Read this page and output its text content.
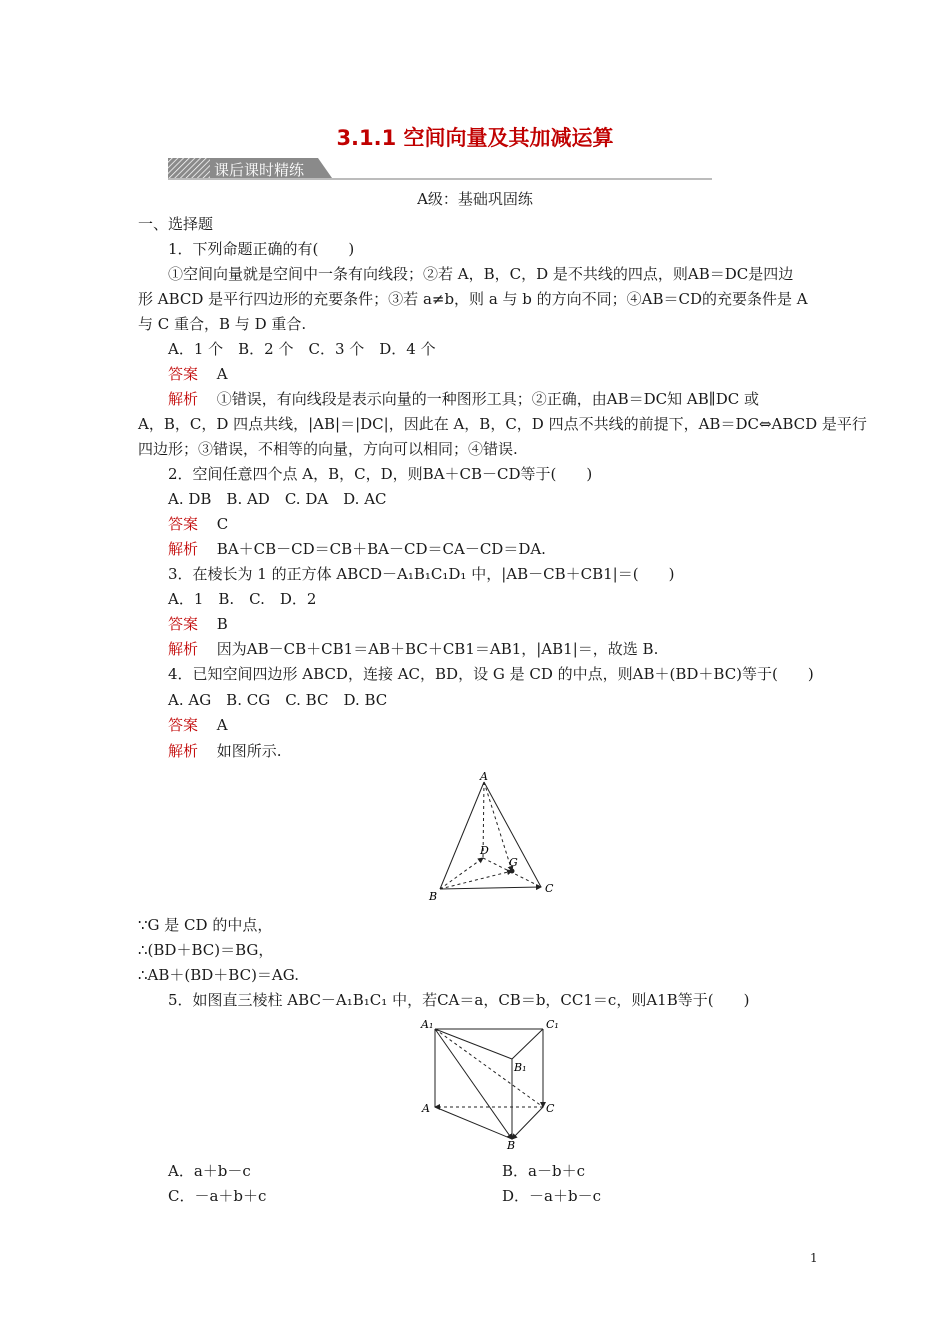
3.1.1 空间向量及其加减运算
课后课时精练
A级：基础巩固练
一、选择题
1．下列命题正确的有(　　)
①空间向量就是空间中一条有向线段；②若 A，B，C，D 是不共线的四点，则AB＝DC是四边
形 ABCD 是平行四边形的充要条件；③若 a≠b，则 a 与 b 的方向不同；④AB＝CD的充要条件是 A
与 C 重合，B 与 D 重合.
A．1 个　B．2 个　C．3 个　D．4 个
答案 A
解析 ①错误，有向线段是表示向量的一种图形工具；②正确，由AB＝DC知 AB∥DC 或
A，B，C，D 四点共线，|AB|＝|DC|，因此在 A，B，C，D 四点不共线的前提下，AB＝DC⇔ABCD 是平行
四边形；③错误，不相等的向量，方向可以相同；④错误.
2．空间任意四个点 A，B，C，D，则BA＋CB－CD等于(　　)
A. DB　B. AD　C. DA　D. AC
答案 C
解析 BA＋CB－CD＝CB＋BA－CD＝CA－CD＝DA.
3．在棱长为 1 的正方体 ABCD－A₁B₁C₁D₁ 中，|AB－CB＋CB1|＝(　　)
A．1　B.　C.　D．2
答案 B
解析 因为AB－CB＋CB1＝AB＋BC＋CB1＝AB1，|AB1|＝，故选 B.
4．已知空间四边形 ABCD，连接 AC，BD，设 G 是 CD 的中点，则AB＋(BD＋BC)等于(　　)
A. AG　B. CG　C. BC　D. BC
答案 A
解析 如图所示.
A
B
C
D
G
∵G 是 CD 的中点，
∴(BD＋BC)＝BG，
∴AB＋(BD＋BC)＝AG.
5．如图直三棱柱 ABC－A₁B₁C₁ 中，若CA＝a，CB＝b，CC1＝c，则A1B等于(　　)
A₁	C₁
B₁
A	C
B
A．a＋b－c	B．a－b＋c
C．－a＋b＋c	D．－a＋b－c
1
